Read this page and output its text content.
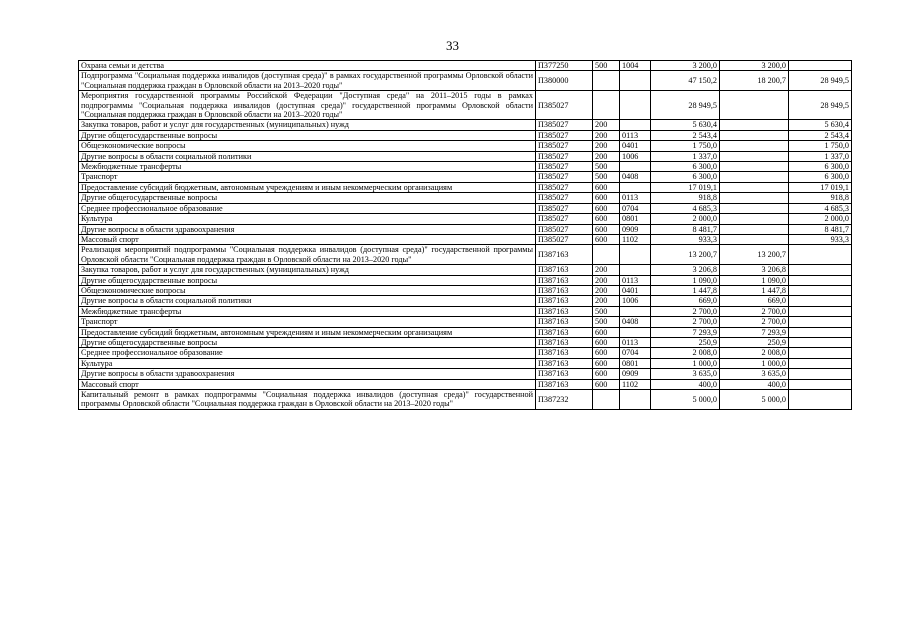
33
Охрана семьи и детства	П377250	500	1004	3 200,0	3 200,0	
Подпрограмма "Социальная поддержка инвалидов (доступная среда)" в рамках государственной программы Орловской области "Социальная поддержка граждан в Орловской области на 2013–2020 годы"	П380000			47 150,2	18 200,7	28 949,5
Мероприятия государственной программы Российской Федерации "Доступная среда" на 2011–2015 годы в рамках подпрограммы "Социальная поддержка инвалидов (доступная среда)" государственной программы Орловской области "Социальная поддержка граждан в Орловской области на 2013–2020 годы"	П385027			28 949,5		28 949,5
Закупка товаров, работ и услуг для государственных (муниципальных) нужд	П385027	200		5 630,4		5 630,4
Другие общегосударственные вопросы	П385027	200	0113	2 543,4		2 543,4
Общеэкономические вопросы	П385027	200	0401	1 750,0		1 750,0
Другие вопросы в области социальной политики	П385027	200	1006	1 337,0		1 337,0
Межбюджетные трансферты	П385027	500		6 300,0		6 300,0
Транспорт	П385027	500	0408	6 300,0		6 300,0
Предоставление субсидий бюджетным, автономным учреждениям и иным некоммерческим организациям	П385027	600		17 019,1		17 019,1
Другие общегосударственные вопросы	П385027	600	0113	918,8		918,8
Среднее профессиональное образование	П385027	600	0704	4 685,3		4 685,3
Культура	П385027	600	0801	2 000,0		2 000,0
Другие вопросы в области здравоохранения	П385027	600	0909	8 481,7		8 481,7
Массовый спорт	П385027	600	1102	933,3		933,3
Реализация мероприятий подпрограммы "Социальная поддержка инвалидов (доступная среда)" государственной программы Орловской области "Социальная поддержка граждан в Орловской области на 2013–2020 годы"	П387163			13 200,7	13 200,7	
Закупка товаров, работ и услуг для государственных (муниципальных) нужд	П387163	200		3 206,8	3 206,8	
Другие общегосударственные вопросы	П387163	200	0113	1 090,0	1 090,0	
Общеэкономические вопросы	П387163	200	0401	1 447,8	1 447,8	
Другие вопросы в области социальной политики	П387163	200	1006	669,0	669,0	
Межбюджетные трансферты	П387163	500		2 700,0	2 700,0	
Транспорт	П387163	500	0408	2 700,0	2 700,0	
Предоставление субсидий бюджетным, автономным учреждениям и иным некоммерческим организациям	П387163	600		7 293,9	7 293,9	
Другие общегосударственные вопросы	П387163	600	0113	250,9	250,9	
Среднее профессиональное образование	П387163	600	0704	2 008,0	2 008,0	
Культура	П387163	600	0801	1 000,0	1 000,0	
Другие вопросы в области здравоохранения	П387163	600	0909	3 635,0	3 635,0	
Массовый спорт	П387163	600	1102	400,0	400,0	
Капитальный ремонт в рамках подпрограммы "Социальная поддержка инвалидов (доступная среда)" государственной программы Орловской области "Социальная поддержка граждан в Орловской области на 2013–2020 годы"	П387232			5 000,0	5 000,0	
